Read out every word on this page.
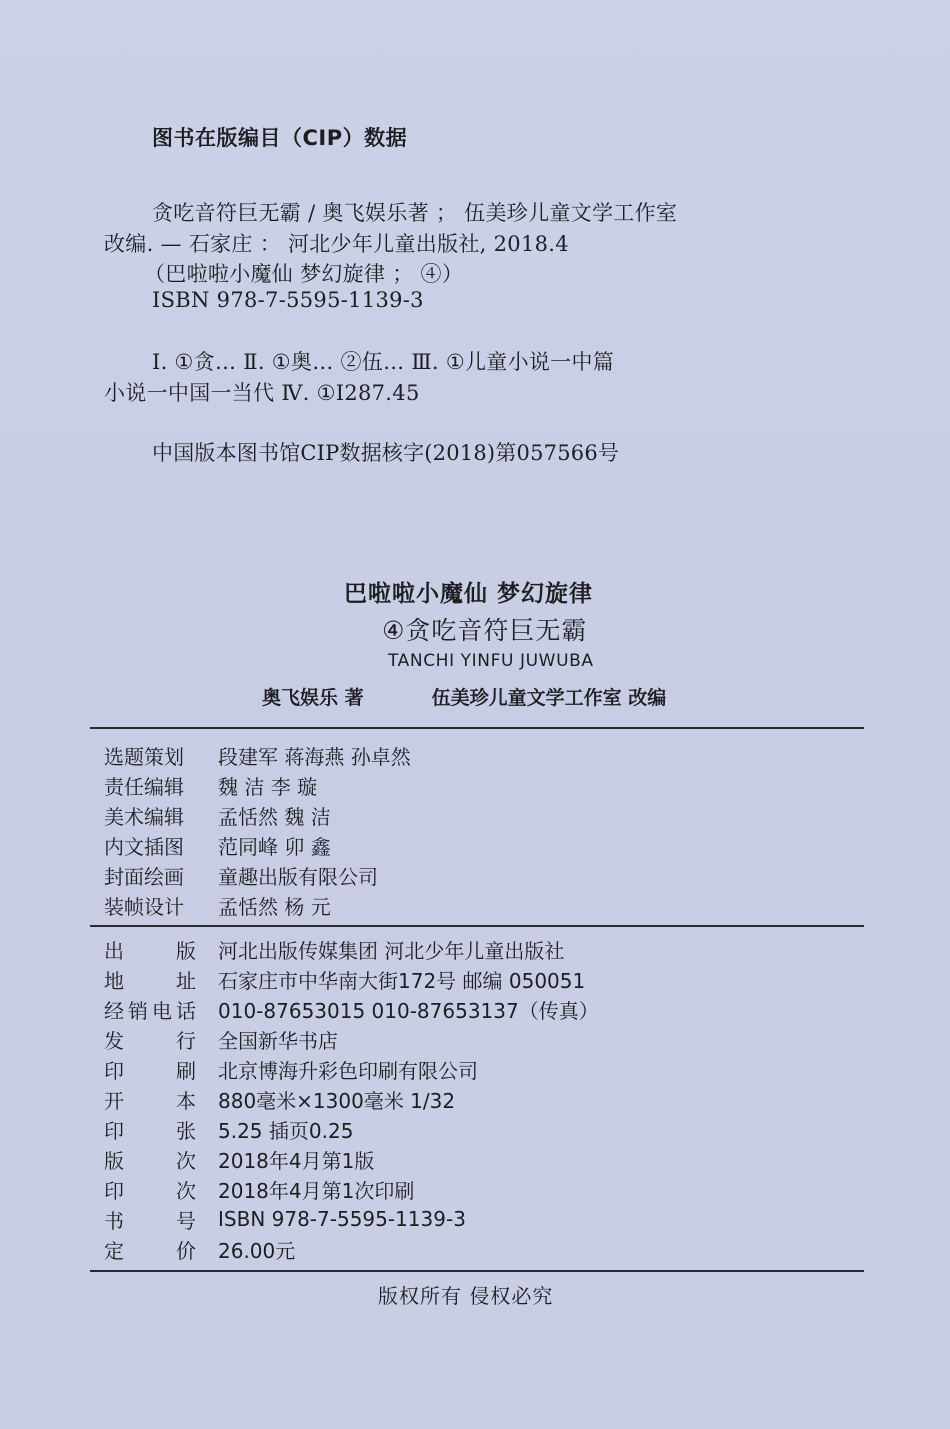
图书在版编目（CIP）数据
贪吃音符巨无霸 / 奥飞娱乐著 ； 伍美珍儿童文学工作室
改编. — 石家庄 ： 河北少年儿童出版社, 2018.4
（巴啦啦小魔仙 梦幻旋律 ； ④）
ISBN 978-7-5595-1139-3
Ⅰ. ①贪… Ⅱ. ①奥… ②伍… Ⅲ. ①儿童小说一中篇
小说一中国一当代 Ⅳ. ①I287.45
中国版本图书馆CIP数据核字(2018)第057566号
巴啦啦小魔仙 梦幻旋律
④贪吃音符巨无霸
TANCHI YINFU JUWUBA
奥飞娱乐 著	伍美珍儿童文学工作室 改编
选题策划	段建军 蒋海燕 孙卓然
责任编辑	魏 洁 李 璇
美术编辑	孟恬然 魏 洁
内文插图	范同峰 卯 鑫
封面绘画	童趣出版有限公司
装帧设计	孟恬然 杨 元
出	版 河北出版传媒集团 河北少年儿童出版社
地	址 石家庄市中华南大街172号 邮编 050051
经 销 电 话 010-87653015 010-87653137（传真）
发	行 全国新华书店
印	刷 北京博海升彩色印刷有限公司
开	本 880毫米×1300毫米 1/32
印	张 5.25 插页0.25
版	次 2018年4月第1版
印	次 2018年4月第1次印刷
书	号 ISBN 978-7-5595-1139-3
定	价 26.00元
版权所有 侵权必究
